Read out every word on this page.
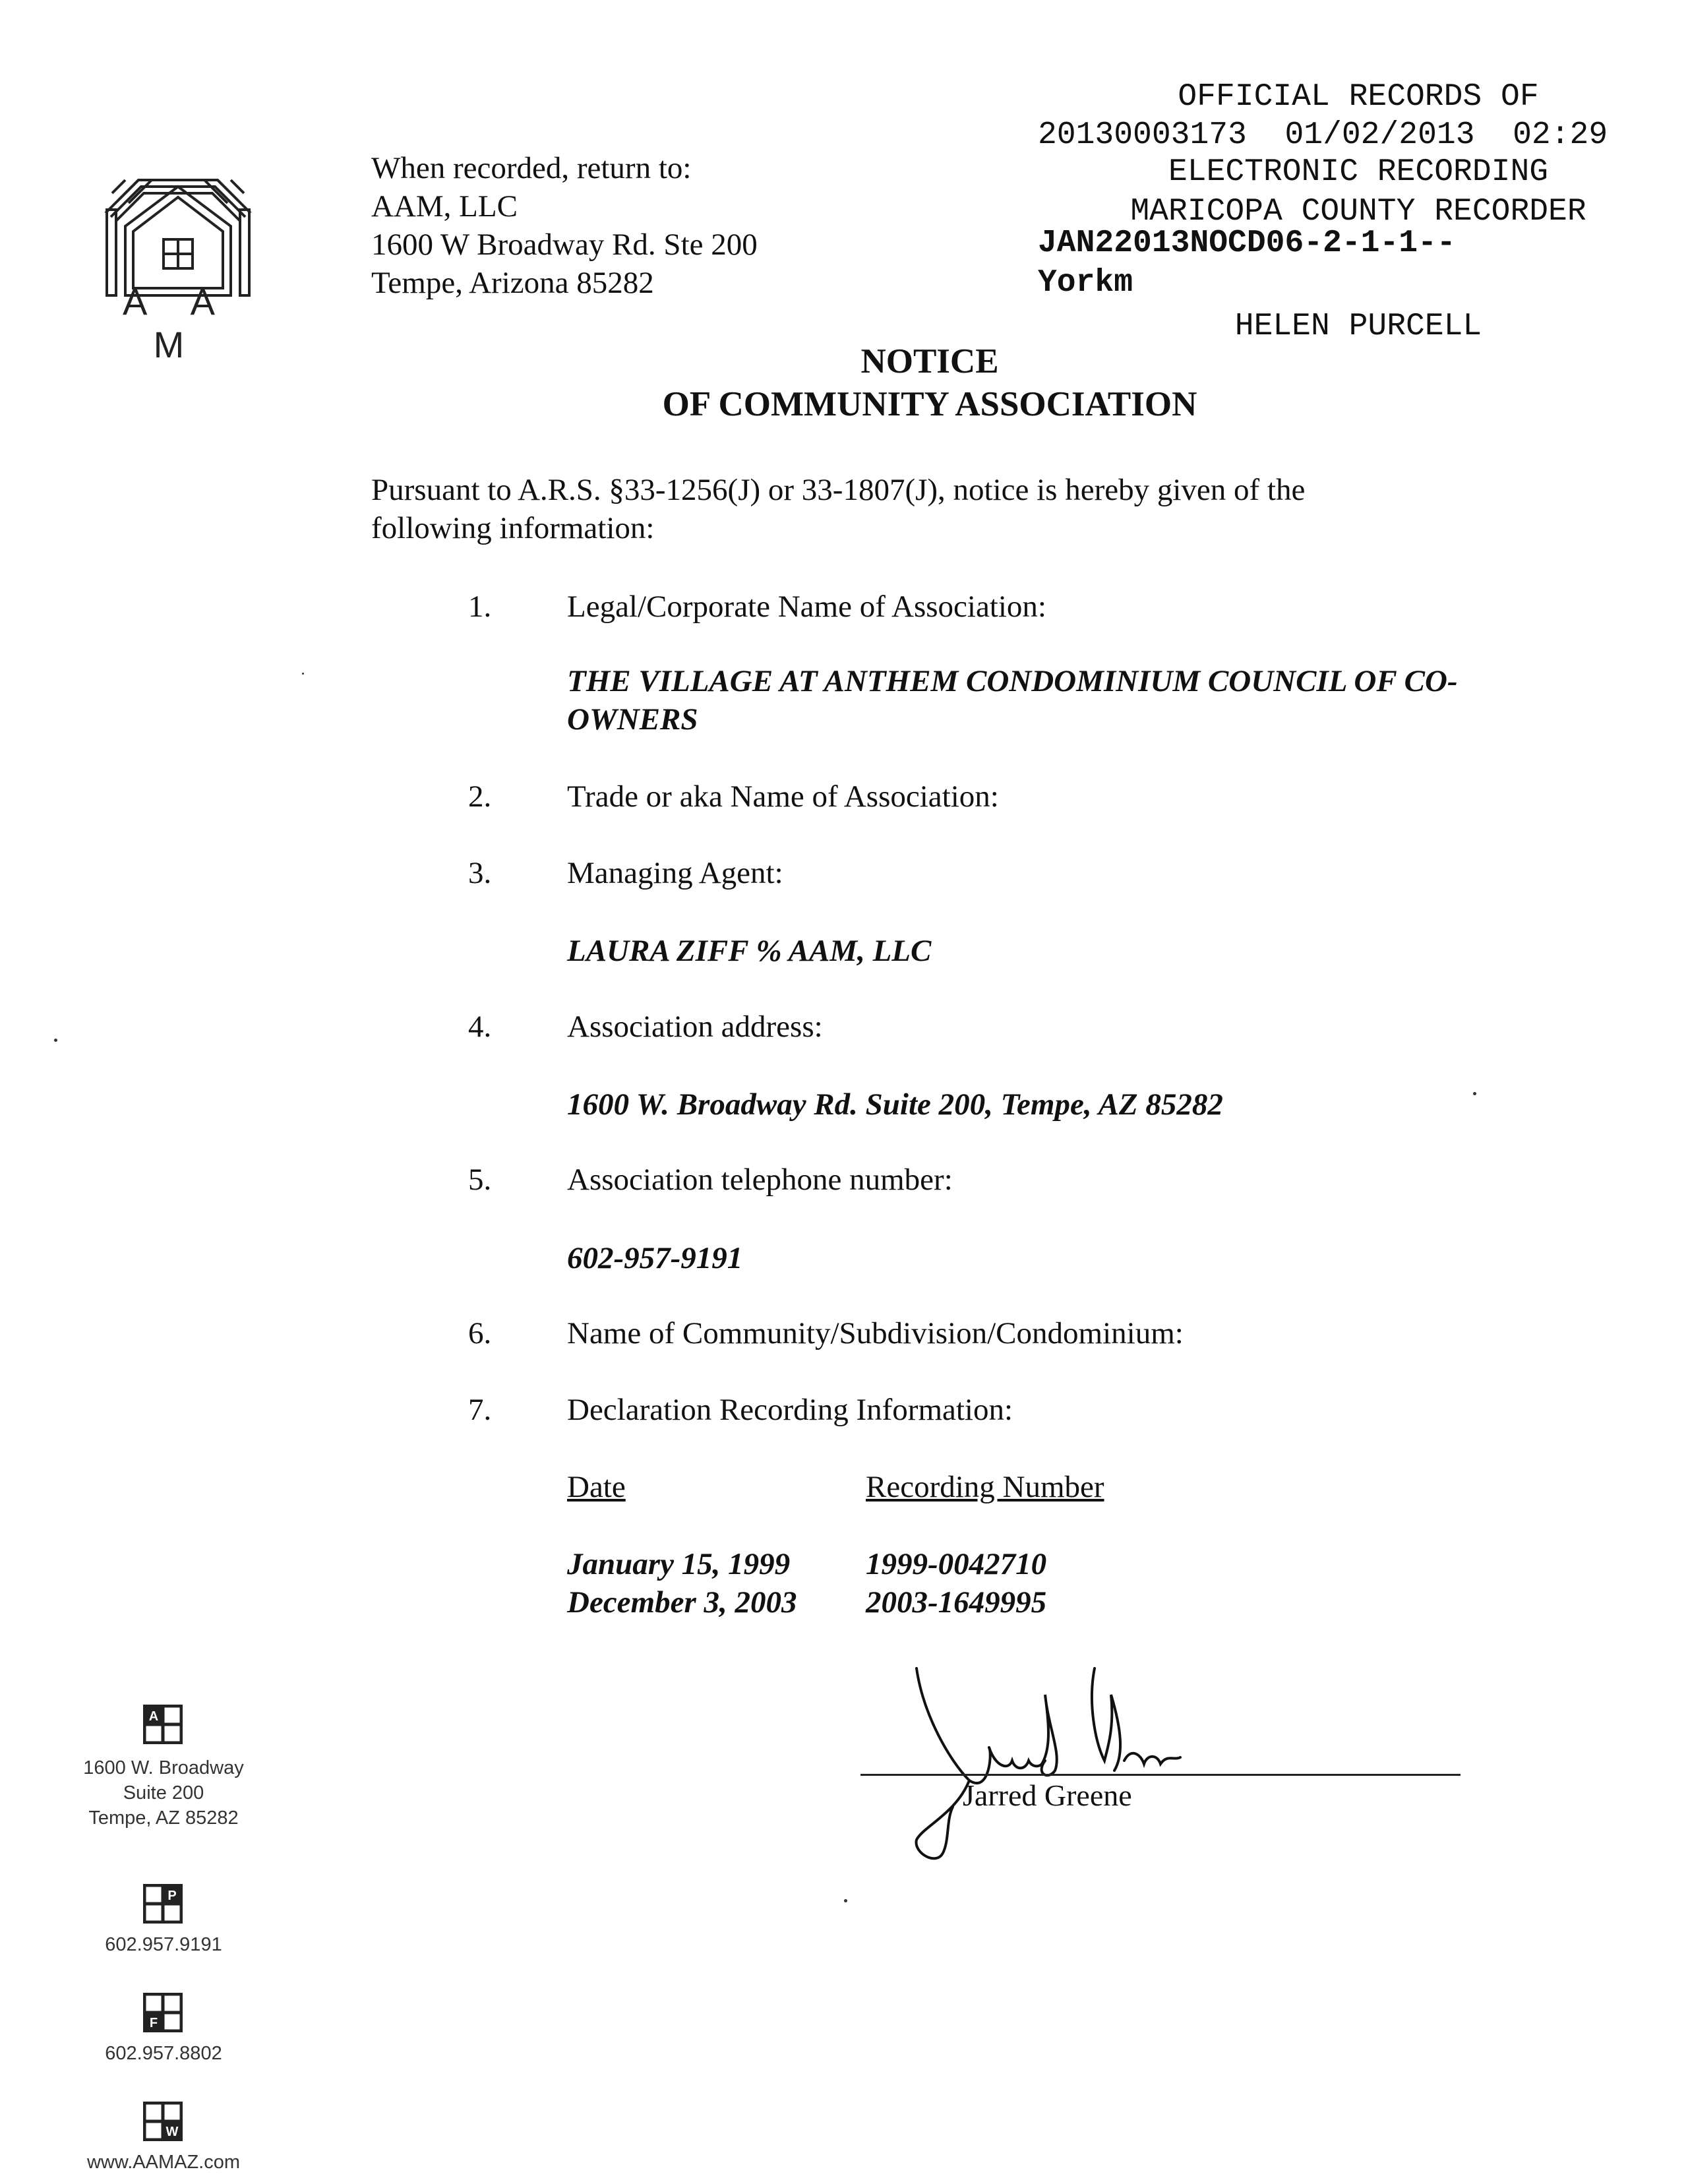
OFFICIAL RECORDS OF

MARICOPA COUNTY RECORDER

HELEN PURCELL

20130003173  01/02/2013  02:29
ELECTRONIC RECORDING
JAN22013NOCD06-2-1-1--
Yorkm
A A M
When recorded, return to:
AAM, LLC
1600 W Broadway Rd. Ste 200
Tempe, Arizona 85282
NOTICE
OF COMMUNITY ASSOCIATION
Pursuant to A.R.S. §33-1256(J) or 33-1807(J), notice is hereby given of the following information:
1. Legal/Corporate Name of Association:
THE VILLAGE AT ANTHEM CONDOMINIUM COUNCIL OF CO-OWNERS
2. Trade or aka Name of Association:
3. Managing Agent:
LAURA ZIFF % AAM, LLC
4. Association address:
1600 W. Broadway Rd. Suite 200, Tempe, AZ 85282
5. Association telephone number:
602-957-9191
6. Name of Community/Subdivision/Condominium:
7. Declaration Recording Information:
Date	Recording Number
January 15, 1999 1999-0042710
December 3, 2003 2003-1649995
Jarred Greene
A
1600 W. Broadway
Suite 200
Tempe, AZ 85282
P
602.957.9191
F
602.957.8802
W
www.AAMAZ.com
